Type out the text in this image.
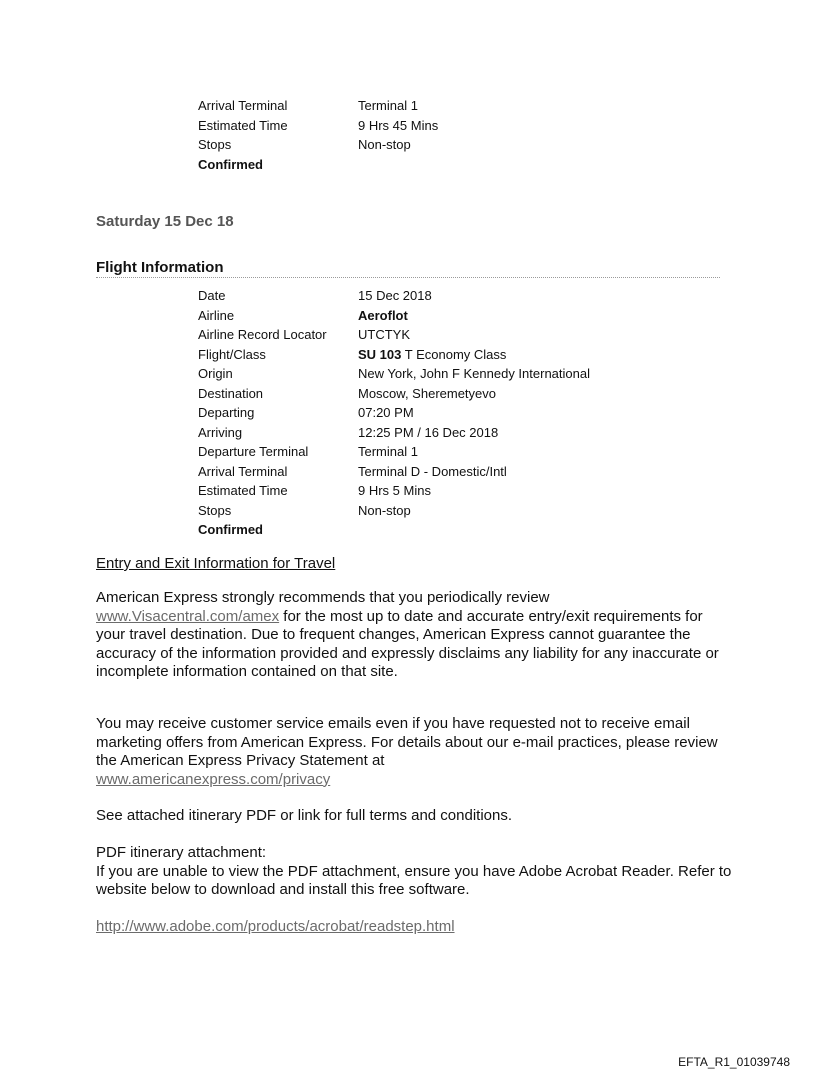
Arrival Terminal	Terminal 1
Estimated Time	9 Hrs 45 Mins
Stops	Non-stop
Confirmed
Saturday 15 Dec 18
Flight Information
Date	15 Dec 2018
Airline	Aeroflot
Airline Record Locator	UTCTYK
Flight/Class	SU 103 T Economy Class
Origin	New York, John F Kennedy International
Destination	Moscow, Sheremetyevo
Departing	07:20 PM
Arriving	12:25 PM / 16 Dec 2018
Departure Terminal	Terminal 1
Arrival Terminal	Terminal D - Domestic/Intl
Estimated Time	9 Hrs 5 Mins
Stops	Non-stop
Confirmed
Entry and Exit Information for Travel
American Express strongly recommends that you periodically review www.Visacentral.com/amex for the most up to date and accurate entry/exit requirements for your travel destination. Due to frequent changes, American Express cannot guarantee the accuracy of the information provided and expressly disclaims any liability for any inaccurate or incomplete information contained on that site.
You may receive customer service emails even if you have requested not to receive email marketing offers from American Express. For details about our e-mail practices, please review the American Express Privacy Statement at
www.americanexpress.com/privacy
See attached itinerary PDF or link for full terms and conditions.
PDF itinerary attachment:
If you are unable to view the PDF attachment, ensure you have Adobe Acrobat Reader. Refer to website below to download and install this free software.
http://www.adobe.com/products/acrobat/readstep.html
EFTA_R1_01039748
